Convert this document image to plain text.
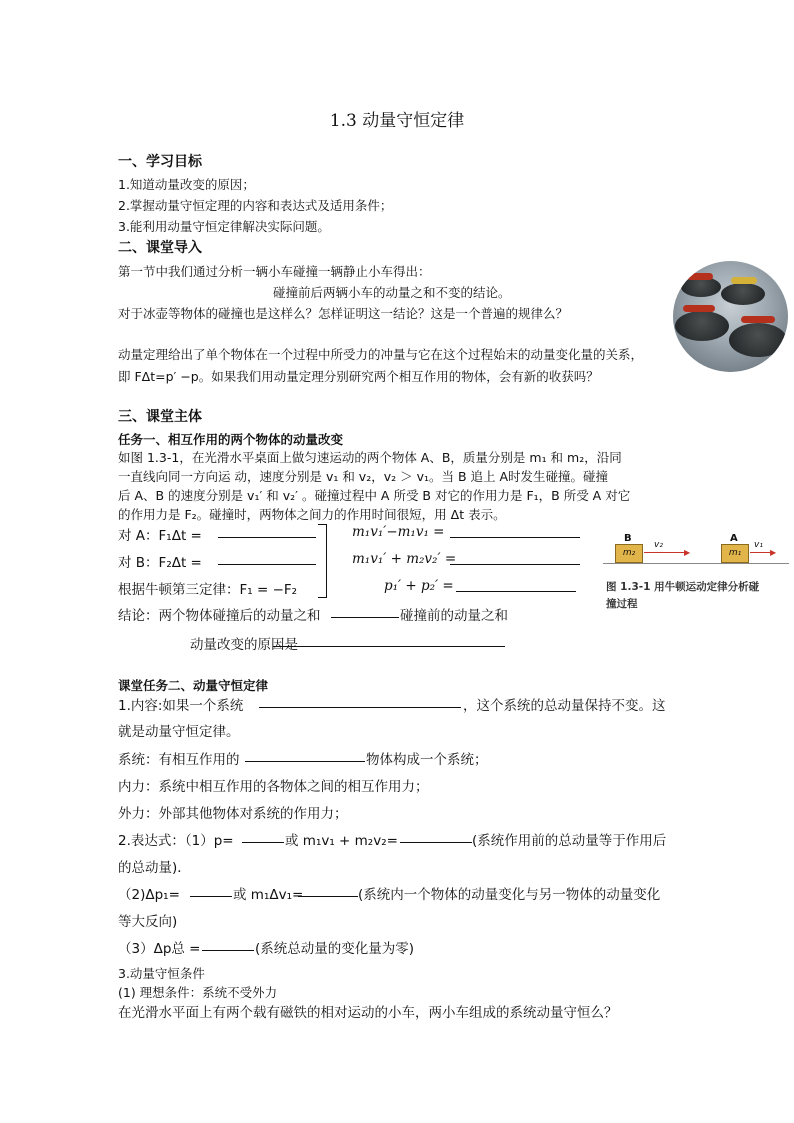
1.3 动量守恒定律
一、学习目标
1.知道动量改变的原因；
2.掌握动量守恒定理的内容和表达式及适用条件；
3.能利用动量守恒定律解决实际问题。
二、课堂导入
第一节中我们通过分析一辆小车碰撞一辆静止小车得出：
碰撞前后两辆小车的动量之和不变的结论。
对于冰壶等物体的碰撞也是这样么？怎样证明这一结论？这是一个普遍的规律么？
动量定理给出了单个物体在一个过程中所受力的冲量与它在这个过程始末的动量变化量的关系，
即 FΔt=p′ −p。如果我们用动量定理分别研究两个相互作用的物体，会有新的收获吗？
三、课堂主体
任务一、相互作用的两个物体的动量改变
如图 1.3-1，在光滑水平桌面上做匀速运动的两个物体 A、B，质量分别是 m₁ 和 m₂，沿同
一直线向同一方向运 动，速度分别是 v₁ 和 v₂，v₂ ＞ v₁。当 B 追上 A时发生碰撞。碰撞
后 A、B 的速度分别是 v₁′ 和 v₂′ 。碰撞过程中 A 所受 B 对它的作用力是 F₁，B 所受 A 对它
的作用力是 F₂。碰撞时，两物体之间力的作用时间很短，用 Δt 表示。
对 A：F₁Δt =
对 B：F₂Δt =
根据牛顿第三定律：F₁ = −F₂
m₁v₁′−m₁v₁ =
m₁v₁′ + m₂v₂′ =
p₁′ + p₂′ =
B
m₂	▶
v₂
A
m₁	▶
v₁
图 1.3-1 用牛顿运动定律分析碰
撞过程
结论：两个物体碰撞后的动量之和	碰撞前的动量之和
动量改变的原因是
课堂任务二、动量守恒定律
1.内容:如果一个系统	，这个系统的总动量保持不变。这
就是动量守恒定律。
系统：有相互作用的	物体构成一个系统；
内力：系统中相互作用的各物体之间的相互作用力；
外力：外部其他物体对系统的作用力；
2.表达式：（1）p=	或 m₁v₁ + m₂v₂=	(系统作用前的总动量等于作用后
的总动量)．
（2)Δp₁=	或 m₁Δv₁=	(系统内一个物体的动量变化与另一物体的动量变化
等大反向)
（3）Δp总 =	(系统总动量的变化量为零)
3.动量守恒条件
(1) 理想条件：系统不受外力
在光滑水平面上有两个载有磁铁的相对运动的小车，两小车组成的系统动量守恒么？
